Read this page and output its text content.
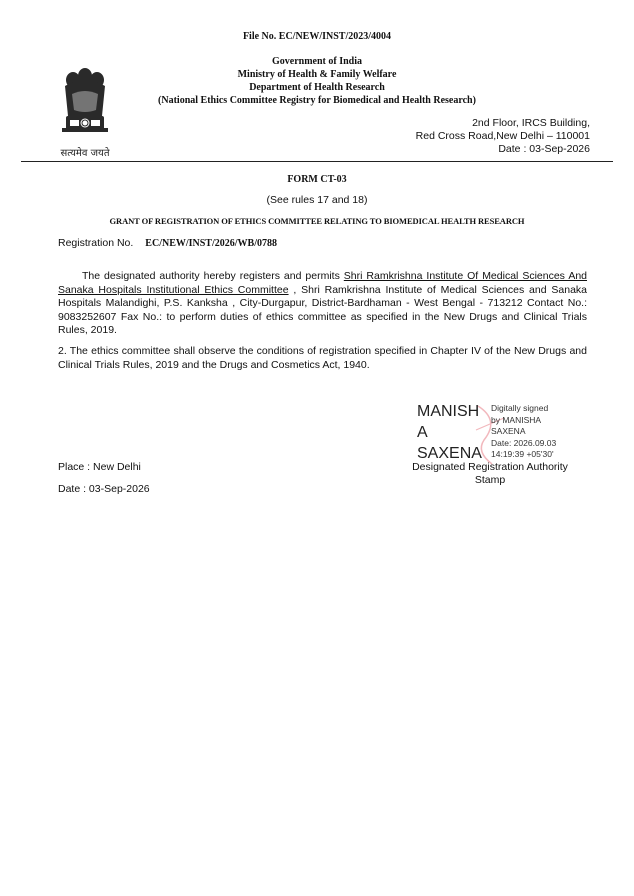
File No. EC/NEW/INST/2023/4004
Government of India
Ministry of Health & Family Welfare
Department of Health Research
(National Ethics Committee Registry for Biomedical and Health Research)
सत्यमेव जयते
2nd Floor, IRCS Building,
Red Cross Road,New Delhi – 110001
Date : 03-Sep-2026
FORM CT-03
(See rules 17 and 18)
GRANT OF REGISTRATION OF ETHICS COMMITTEE RELATING TO BIOMEDICAL HEALTH RESEARCH
Registration No. EC/NEW/INST/2026/WB/0788
The designated authority hereby registers and permits Shri Ramkrishna Institute Of Medical Sciences And Sanaka Hospitals Institutional Ethics Committee , Shri Ramkrishna Institute of Medical Sciences and Sanaka Hospitals Malandighi, P.S. Kanksha , City-Durgapur, District-Bardhaman - West Bengal - 713212 Contact No.: 9083252607 Fax No.: to perform duties of ethics committee as specified in the New Drugs and Clinical Trials Rules, 2019.
2. The ethics committee shall observe the conditions of registration specified in Chapter IV of the New Drugs and Clinical Trials Rules, 2019 and the Drugs and Cosmetics Act, 1940.
MANISH
A
SAXENA
Digitally signed
by MANISHA
SAXENA
Date: 2026.09.03
14:19:39 +05'30'
Place : New Delhi
Date : 03-Sep-2026
Designated Registration Authority
Stamp
